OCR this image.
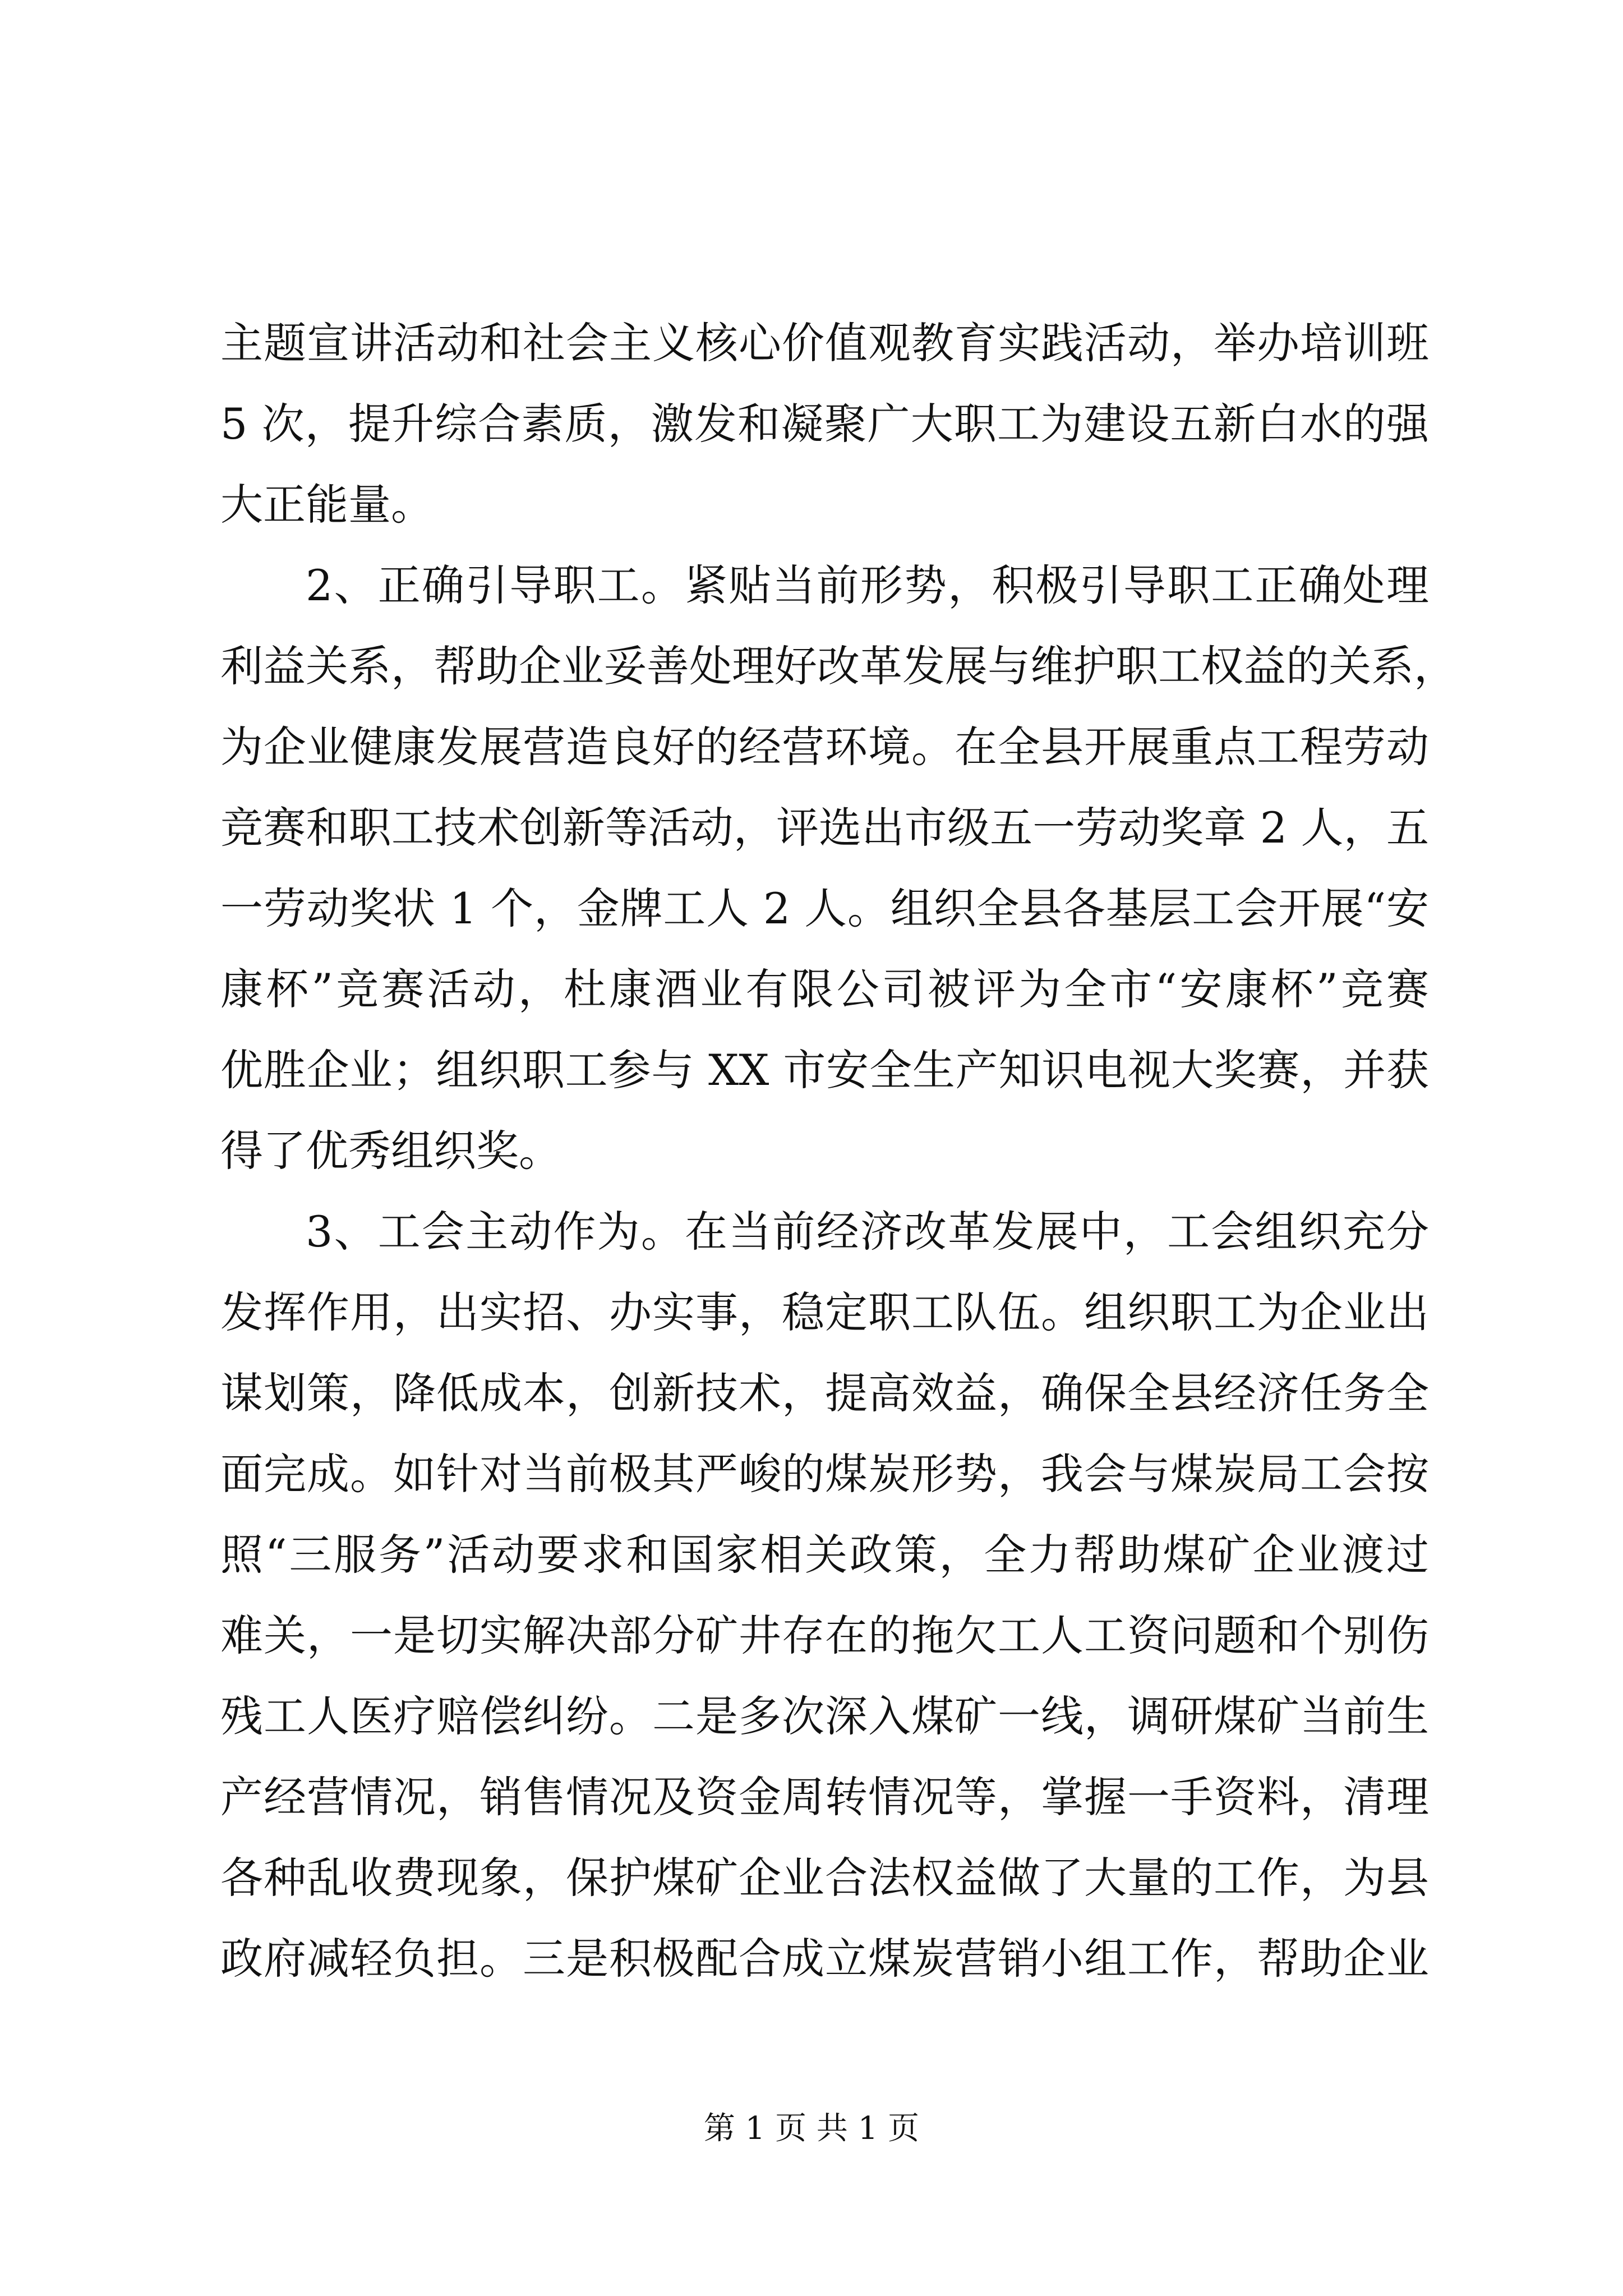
主题宣讲活动和社会主义核心价值观教育实践活动，举办培训班
5 次，提升综合素质，激发和凝聚广大职工为建设五新白水的强
大正能量。
2、正确引导职工。紧贴当前形势，积极引导职工正确处理
利益关系，帮助企业妥善处理好改革发展与维护职工权益的关系，
为企业健康发展营造良好的经营环境。在全县开展重点工程劳动
竞赛和职工技术创新等活动，评选出市级五一劳动奖章 2 人，五
一劳动奖状 1 个，金牌工人 2 人。组织全县各基层工会开展“安
康杯”竞赛活动，杜康酒业有限公司被评为全市“安康杯”竞赛
优胜企业；组织职工参与 XX 市安全生产知识电视大奖赛，并获
得了优秀组织奖。
3、工会主动作为。在当前经济改革发展中，工会组织充分
发挥作用，出实招、办实事，稳定职工队伍。组织职工为企业出
谋划策，降低成本，创新技术，提高效益，确保全县经济任务全
面完成。如针对当前极其严峻的煤炭形势，我会与煤炭局工会按
照“三服务”活动要求和国家相关政策，全力帮助煤矿企业渡过
难关，一是切实解决部分矿井存在的拖欠工人工资问题和个别伤
残工人医疗赔偿纠纷。二是多次深入煤矿一线，调研煤矿当前生
产经营情况，销售情况及资金周转情况等，掌握一手资料，清理
各种乱收费现象，保护煤矿企业合法权益做了大量的工作，为县
政府减轻负担。三是积极配合成立煤炭营销小组工作，帮助企业
第 1 页 共 1 页
